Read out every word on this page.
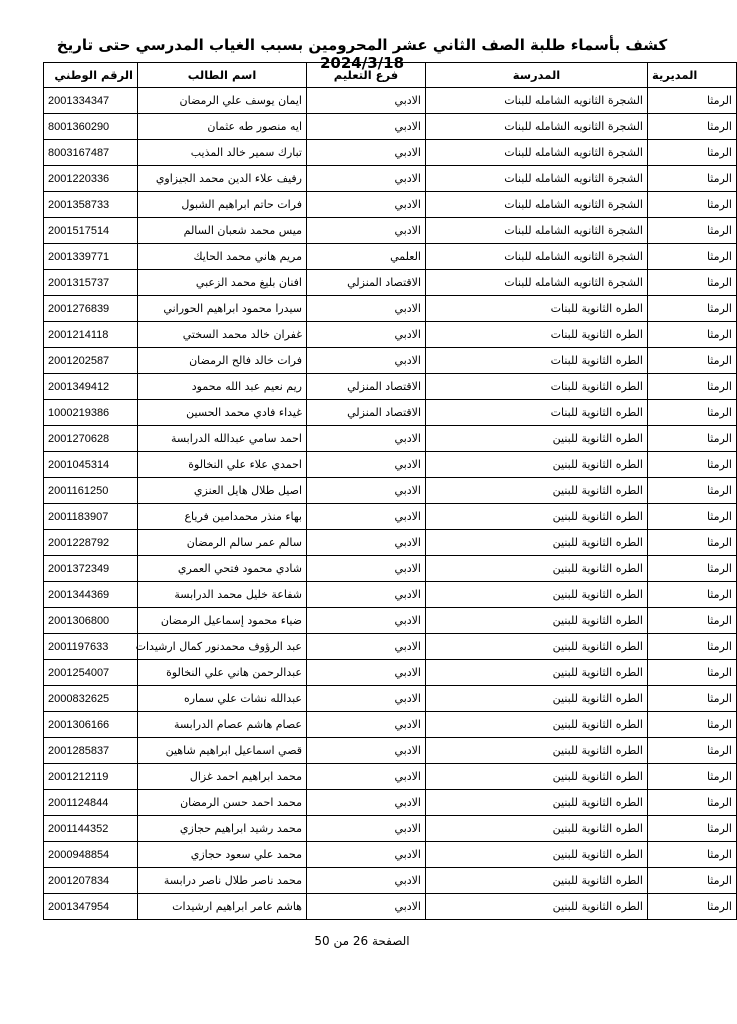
كشف بأسماء طلبة الصف الثاني عشر المحرومين بسبب الغياب المدرسي حتى تاريخ 2024/3/18
المديرية	المدرسة	فرع التعليم	اسم الطالب	الرقم الوطني
الرمثا	الشجرة الثانويه الشامله للبنات	الادبي	ايمان يوسف علي الرمضان	2001334347
الرمثا	الشجرة الثانويه الشامله للبنات	الادبي	ايه منصور طه عثمان	8001360290
الرمثا	الشجرة الثانويه الشامله للبنات	الادبي	تبارك سمير خالد المذيب	8003167487
الرمثا	الشجرة الثانويه الشامله للبنات	الادبي	رفيف علاء الدين محمد الجيزاوي	2001220336
الرمثا	الشجرة الثانويه الشامله للبنات	الادبي	فرات حاتم ابراهيم الشبول	2001358733
الرمثا	الشجرة الثانويه الشامله للبنات	الادبي	ميس محمد شعبان السالم	2001517514
الرمثا	الشجرة الثانويه الشامله للبنات	العلمي	مريم هاني محمد الحايك	2001339771
الرمثا	الشجرة الثانويه الشامله للبنات	الاقتصاد المنزلي	افنان بليغ محمد الزعبي	2001315737
الرمثا	الطره الثانوية للبنات	الادبي	سيدرا محمود ابراهيم الحوراني	2001276839
الرمثا	الطره الثانوية للبنات	الادبي	غفران خالد محمد السختي	2001214118
الرمثا	الطره الثانوية للبنات	الادبي	فرات خالد فالح الرمضان	2001202587
الرمثا	الطره الثانوية للبنات	الاقتصاد المنزلي	ريم نعيم عبد الله محمود	2001349412
الرمثا	الطره الثانوية للبنات	الاقتصاد المنزلي	غيداء فادي محمد الحسين	1000219386
الرمثا	الطره الثانوية للبنين	الادبي	احمد سامي عبدالله الدرابسة	2001270628
الرمثا	الطره الثانوية للبنين	الادبي	احمدي علاء علي النخالوة	2001045314
الرمثا	الطره الثانوية للبنين	الادبي	اصيل طلال هايل العنزي	2001161250
الرمثا	الطره الثانوية للبنين	الادبي	بهاء منذر محمدامين فرياع	2001183907
الرمثا	الطره الثانوية للبنين	الادبي	سالم عمر سالم الرمضان	2001228792
الرمثا	الطره الثانوية للبنين	الادبي	شادي محمود فتحي العمري	2001372349
الرمثا	الطره الثانوية للبنين	الادبي	شفاعة خليل محمد الدرابسة	2001344369
الرمثا	الطره الثانوية للبنين	الادبي	ضياء محمود إسماعيل الرمضان	2001306800
الرمثا	الطره الثانوية للبنين	الادبي	عبد الرؤوف محمدنور كمال ارشيدات	2001197633
الرمثا	الطره الثانوية للبنين	الادبي	عبدالرحمن هاني علي النخالوة	2001254007
الرمثا	الطره الثانوية للبنين	الادبي	عبدالله نشات علي سماره	2000832625
الرمثا	الطره الثانوية للبنين	الادبي	عصام هاشم عصام الدرابسة	2001306166
الرمثا	الطره الثانوية للبنين	الادبي	قصي اسماعيل ابراهيم شاهين	2001285837
الرمثا	الطره الثانوية للبنين	الادبي	محمد ابراهيم احمد غزال	2001212119
الرمثا	الطره الثانوية للبنين	الادبي	محمد احمد حسن الرمضان	2001124844
الرمثا	الطره الثانوية للبنين	الادبي	محمد رشيد ابراهيم حجازي	2001144352
الرمثا	الطره الثانوية للبنين	الادبي	محمد علي سعود حجازي	2000948854
الرمثا	الطره الثانوية للبنين	الادبي	محمد ناصر طلال ناصر درابسة	2001207834
الرمثا	الطره الثانوية للبنين	الادبي	هاشم عامر ابراهيم ارشيدات	2001347954
الصفحة 26 من 50
